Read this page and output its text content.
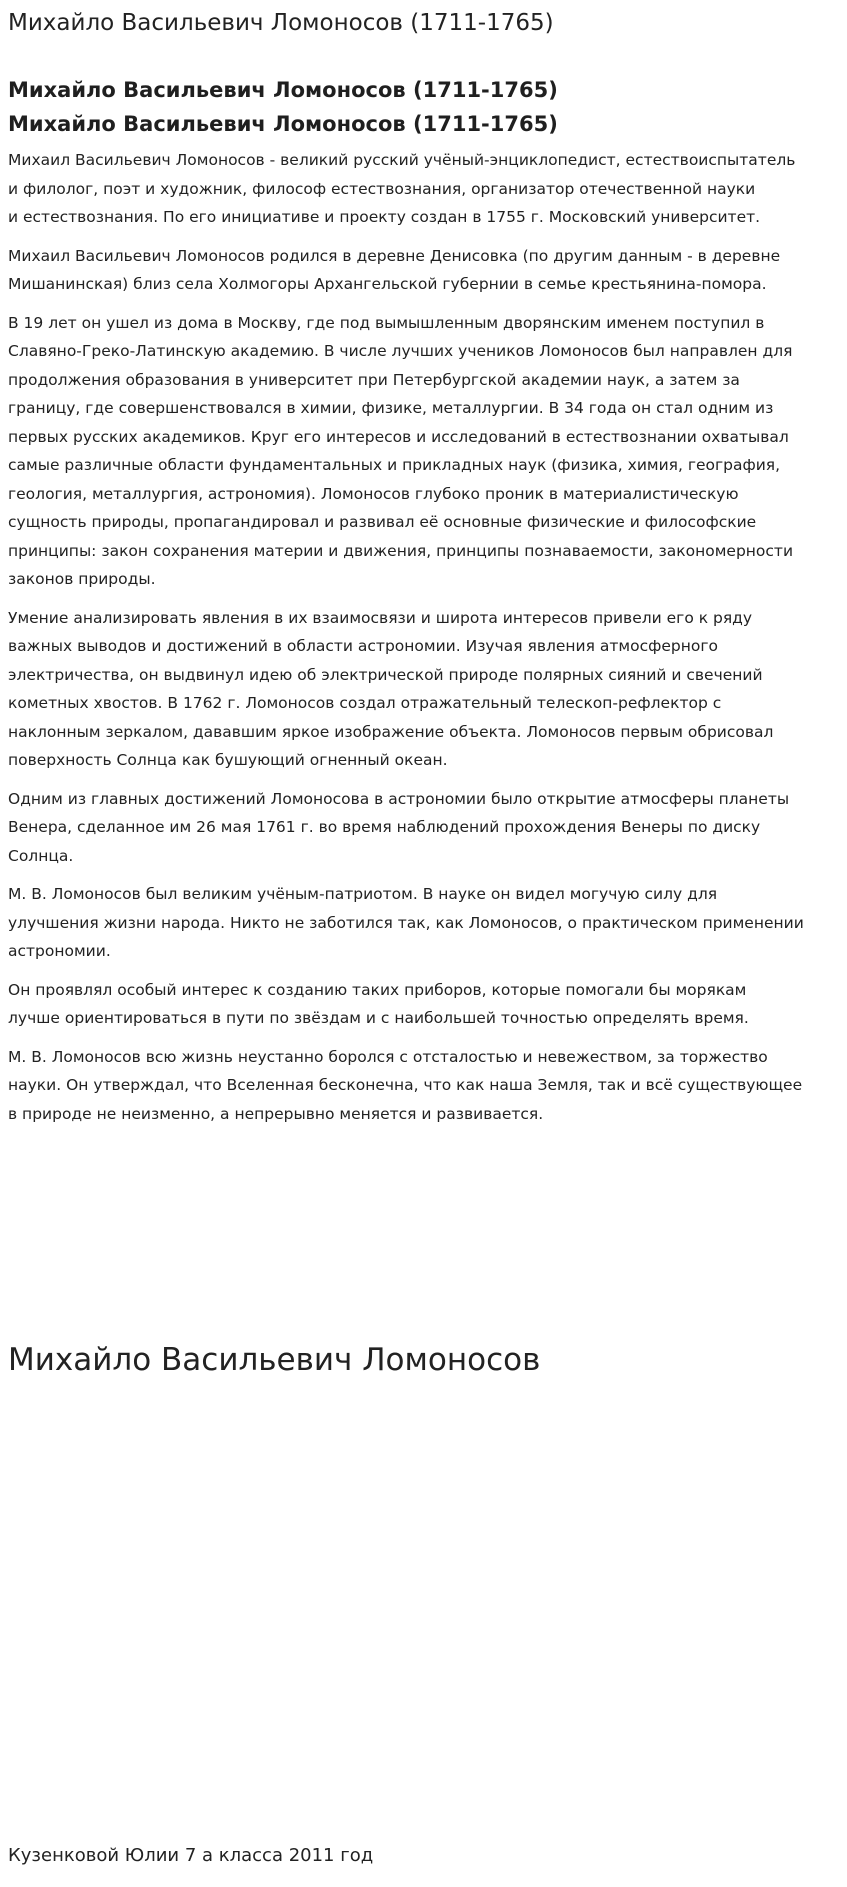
Михайло Васильевич Ломоносов (1711-1765)
Михайло Васильевич Ломоносов (1711-1765)
Михайло Васильевич Ломоносов (1711-1765)

Михаил Васильевич Ломоносов - великий русский учёный-энциклопедист, естествоиспытатель
и филолог, поэт и художник, философ естествознания, организатор отечественной науки
и естествознания. По его инициативе и проекту создан в 1755 г. Московский университет.

Михаил Васильевич Ломоносов родился в деревне Денисовка (по другим данным - в деревне
Мишанинская) близ села Холмогоры Архангельской губернии в семье крестьянина-помора.

В 19 лет он ушел из дома в Москву, где под вымышленным дворянским именем поступил в
Славяно-Греко-Латинскую академию. В числе лучших учеников Ломоносов был направлен для
продолжения образования в университет при Петербургской академии наук, а затем за
границу, где совершенствовался в химии, физике, металлургии. В 34 года он стал одним из
первых русских академиков. Круг его интересов и исследований в естествознании охватывал
самые различные области фундаментальных и прикладных наук (физика, химия, география,
геология, металлургия, астрономия). Ломоносов глубоко проник в материалистическую
сущность природы, пропагандировал и развивал её основные физические и философские
принципы: закон сохранения материи и движения, принципы познаваемости, закономерности
законов природы.

Умение анализировать явления в их взаимосвязи и широта интересов привели его к ряду
важных выводов и достижений в области астрономии. Изучая явления атмосферного
электричества, он выдвинул идею об электрической природе полярных сияний и свечений
кометных хвостов. В 1762 г. Ломоносов создал отражательный телескоп-рефлектор с
наклонным зеркалом, дававшим яркое изображение объекта. Ломоносов первым обрисовал
поверхность Солнца как бушующий огненный океан.

Одним из главных достижений Ломоносова в астрономии было открытие атмосферы планеты
Венера, сделанное им 26 мая 1761 г. во время наблюдений прохождения Венеры по диску
Солнца.

М. В. Ломоносов был великим учёным-патриотом. В науке он видел могучую силу для
улучшения жизни народа. Никто не заботился так, как Ломоносов, о практическом применении
астрономии.

Он проявлял особый интерес к созданию таких приборов, которые помогали бы морякам
лучше ориентироваться в пути по звёздам и с наибольшей точностью определять время.

М. В. Ломоносов всю жизнь неустанно боролся с отсталостью и невежеством, за торжество
науки. Он утверждал, что Вселенная бесконечна, что как наша Земля, так и всё существующее
в природе не неизменно, а непрерывно меняется и развивается.

Михайло Васильевич Ломоносов
Кузенковой Юлии 7 а класса 2011 год
